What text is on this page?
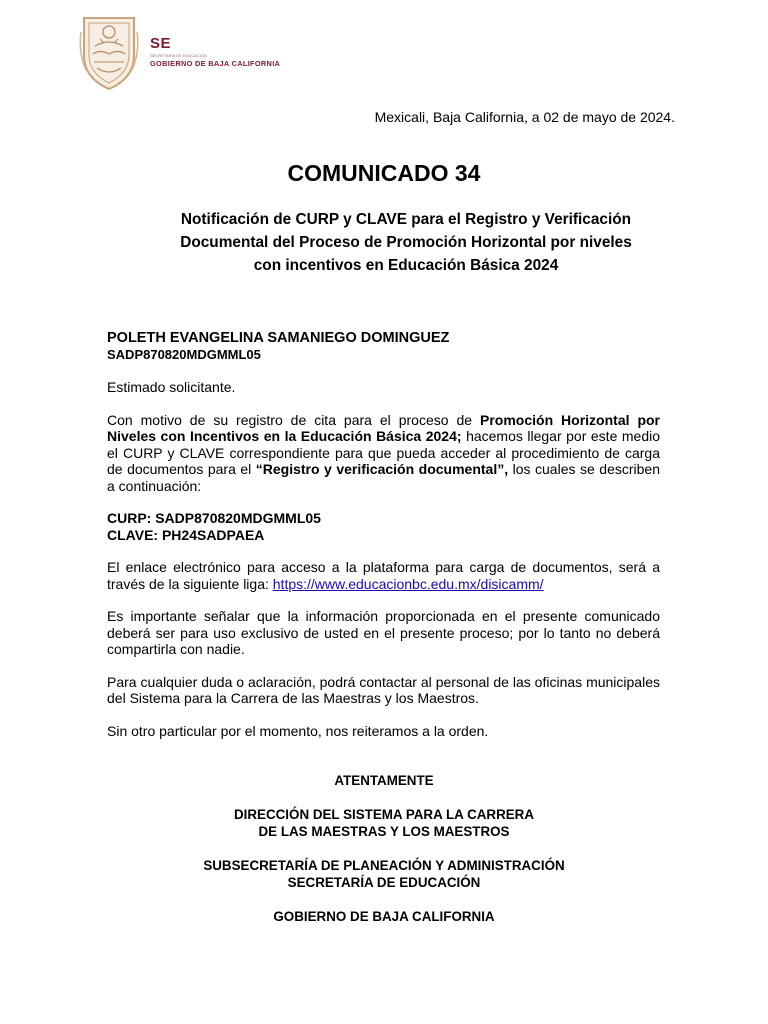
SE
SECRETARÍA DE EDUCACIÓN
GOBIERNO DE BAJA CALIFORNIA
Mexicali, Baja California, a 02 de mayo de 2024.
COMUNICADO 34
Notificación de CURP y CLAVE para el Registro y Verificación
Documental del Proceso de Promoción Horizontal por niveles
con incentivos en Educación Básica 2024

POLETH EVANGELINA SAMANIEGO DOMINGUEZ

SADP870820MDGMML05

Estimado solicitante.

Con motivo de su registro de cita para el proceso de Promoción Horizontal por Niveles con Incentivos en la Educación Básica 2024; hacemos llegar por este medio el CURP y CLAVE correspondiente para que pueda acceder al procedimiento de carga de documentos para el “Registro y verificación documental”, los cuales se describen a continuación:

CURP: SADP870820MDGMML05

CLAVE: PH24SADPAEA

El enlace electrónico para acceso a la plataforma para carga de documentos, será a través de la siguiente liga: https://www.educacionbc.edu.mx/disicamm/

Es importante señalar que la información proporcionada en el presente comunicado deberá ser para uso exclusivo de usted en el presente proceso; por lo tanto no deberá compartirla con nadie.

Para cualquier duda o aclaración, podrá contactar al personal de las oficinas municipales del Sistema para la Carrera de las Maestras y los Maestros.

Sin otro particular por el momento, nos reiteramos a la orden.

ATENTAMENTE
DIRECCIÓN DEL SISTEMA PARA LA CARRERA
DE LAS MAESTRAS Y LOS MAESTROS
SUBSECRETARÍA DE PLANEACIÓN Y ADMINISTRACIÓN
SECRETARÍA DE EDUCACIÓN
GOBIERNO DE BAJA CALIFORNIA
